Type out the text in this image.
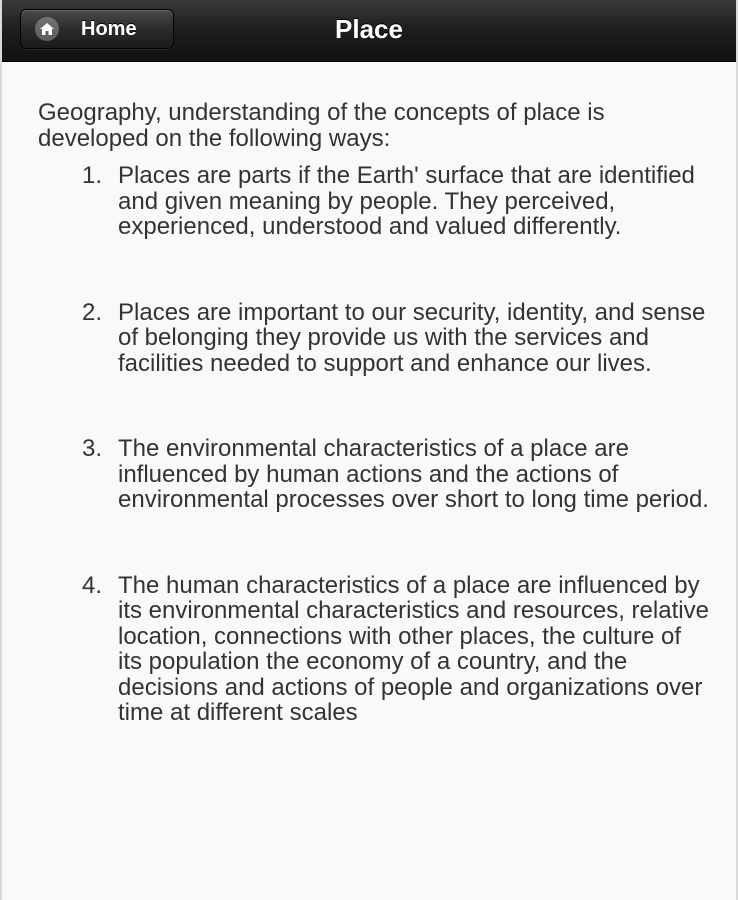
Home	Place

Geography, understanding of the concepts of place is developed on the following ways:

Places are parts if the Earth' surface that are identified and given meaning by people. They perceived, experienced, understood and valued differently.
Places are important to our security, identity, and sense of belonging they provide us with the services and facilities needed to support and enhance our lives.
The environmental characteristics of a place are influenced by human actions and the actions of environmental processes over short to long time period.
The human characteristics of a place are influenced by its environmental characteristics and resources, relative location, connections with other places, the culture of its population the economy of a country, and the decisions and actions of people and organizations over time at different scales
